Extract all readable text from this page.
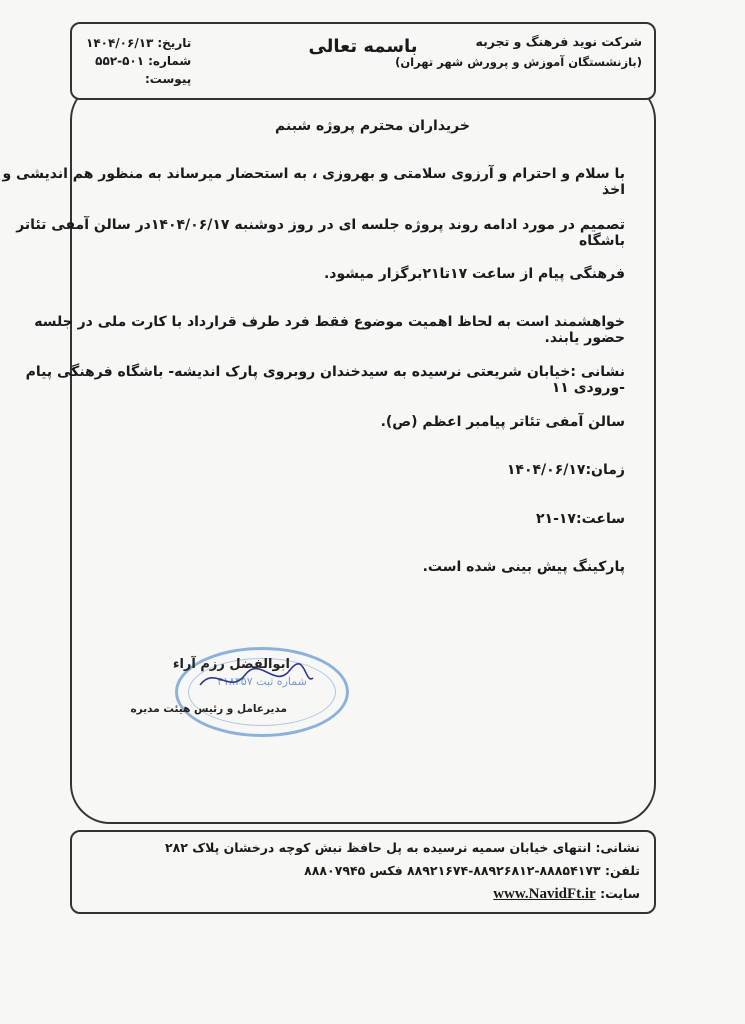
شرکت نوید فرهنگ و تجربه
(بازنشستگان آموزش و پرورش شهر تهران)
باسمه تعالی
تاریخ:۱۴۰۴/۰۶/۱۳
شماره:۵۰۱-۵۵۲
پیوست:
خریداران محترم پروژه شبنم
با سلام و احترام و آرزوی سلامتی و بهروزی ، به استحضار میرساند به منظور هم اندیشی و اخذ
تصمیم در مورد ادامه روند پروژه جلسه ای در روز دوشنبه ۱۴۰۴/۰۶/۱۷در سالن آمفی تئاتر باشگاه
فرهنگی پیام از ساعت ۱۷تا۲۱برگزار میشود.
خواهشمند است به لحاظ اهمیت موضوع فقط فرد طرف قرارداد با کارت ملی در جلسه حضور یابند.
نشانی :خیابان شریعتی نرسیده به سیدخندان روبروی پارک اندیشه- باشگاه فرهنگی پیام -ورودی ۱۱
سالن آمفی تئاتر پیامبر اعظم (ص).
زمان:۱۴۰۴/۰۶/۱۷
ساعت:۱۷-۲۱
پارکینگ پیش بینی شده است.
شماره ثبت ۴۱۸۳۵۷
ابوالفضل رزم آراء
مدیرعامل و رئیس هیئت مدیره
نشانی: انتهای خیابان سمیه نرسیده به پل حافظ نبش کوچه درخشان پلاک ۲۸۲
تلفن: ۸۸۸۵۴۱۷۳-۸۸۹۲۶۸۱۲-۸۸۹۲۱۶۷۴ فکس ۸۸۸۰۷۹۴۵
سایت: www.NavidFt.ir
